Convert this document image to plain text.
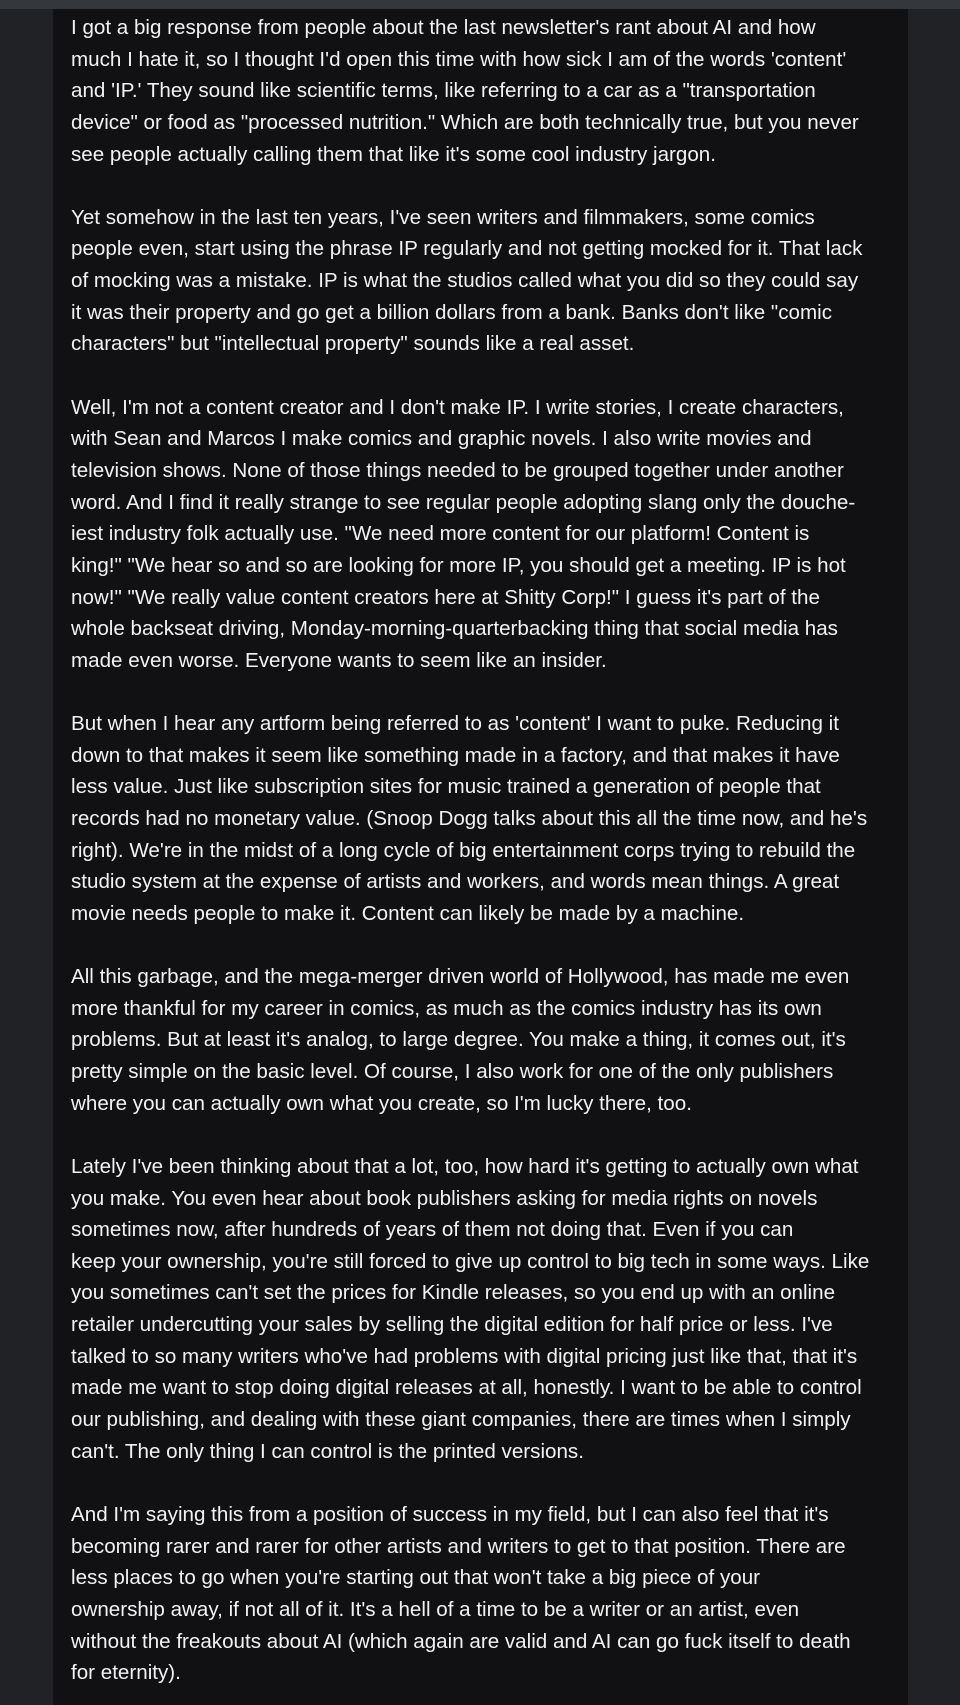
I got a big response from people about the last newsletter's rant about AI and how
much I hate it, so I thought I'd open this time with how sick I am of the words 'content'
and 'IP.' They sound like scientific terms, like referring to a car as a "transportation
device" or food as "processed nutrition." Which are both technically true, but you never
see people actually calling them that like it's some cool industry jargon.

Yet somehow in the last ten years, I've seen writers and filmmakers, some comics
people even, start using the phrase IP regularly and not getting mocked for it. That lack
of mocking was a mistake. IP is what the studios called what you did so they could say
it was their property and go get a billion dollars from a bank. Banks don't like "comic
characters" but "intellectual property" sounds like a real asset.

Well, I'm not a content creator and I don't make IP. I write stories, I create characters,
with Sean and Marcos I make comics and graphic novels. I also write movies and
television shows. None of those things needed to be grouped together under another
word. And I find it really strange to see regular people adopting slang only the douche-
iest industry folk actually use. "We need more content for our platform! Content is
king!" "We hear so and so are looking for more IP, you should get a meeting. IP is hot
now!" "We really value content creators here at Shitty Corp!" I guess it's part of the
whole backseat driving, Monday-morning-quarterbacking thing that social media has
made even worse. Everyone wants to seem like an insider.

But when I hear any artform being referred to as 'content' I want to puke. Reducing it
down to that makes it seem like something made in a factory, and that makes it have
less value. Just like subscription sites for music trained a generation of people that
records had no monetary value. (Snoop Dogg talks about this all the time now, and he's
right). We're in the midst of a long cycle of big entertainment corps trying to rebuild the
studio system at the expense of artists and workers, and words mean things. A great
movie needs people to make it. Content can likely be made by a machine.

All this garbage, and the mega-merger driven world of Hollywood, has made me even
more thankful for my career in comics, as much as the comics industry has its own
problems. But at least it's analog, to large degree. You make a thing, it comes out, it's
pretty simple on the basic level. Of course, I also work for one of the only publishers
where you can actually own what you create, so I'm lucky there, too.

Lately I've been thinking about that a lot, too, how hard it's getting to actually own what
you make. You even hear about book publishers asking for media rights on novels
sometimes now, after hundreds of years of them not doing that. Even if you can
keep your ownership, you're still forced to give up control to big tech in some ways. Like
you sometimes can't set the prices for Kindle releases, so you end up with an online
retailer undercutting your sales by selling the digital edition for half price or less. I've
talked to so many writers who've had problems with digital pricing just like that, that it's
made me want to stop doing digital releases at all, honestly. I want to be able to control
our publishing, and dealing with these giant companies, there are times when I simply
can't. The only thing I can control is the printed versions.

And I'm saying this from a position of success in my field, but I can also feel that it's
becoming rarer and rarer for other artists and writers to get to that position. There are
less places to go when you're starting out that won't take a big piece of your
ownership away, if not all of it. It's a hell of a time to be a writer or an artist, even
without the freakouts about AI (which again are valid and AI can go fuck itself to death
for eternity).
